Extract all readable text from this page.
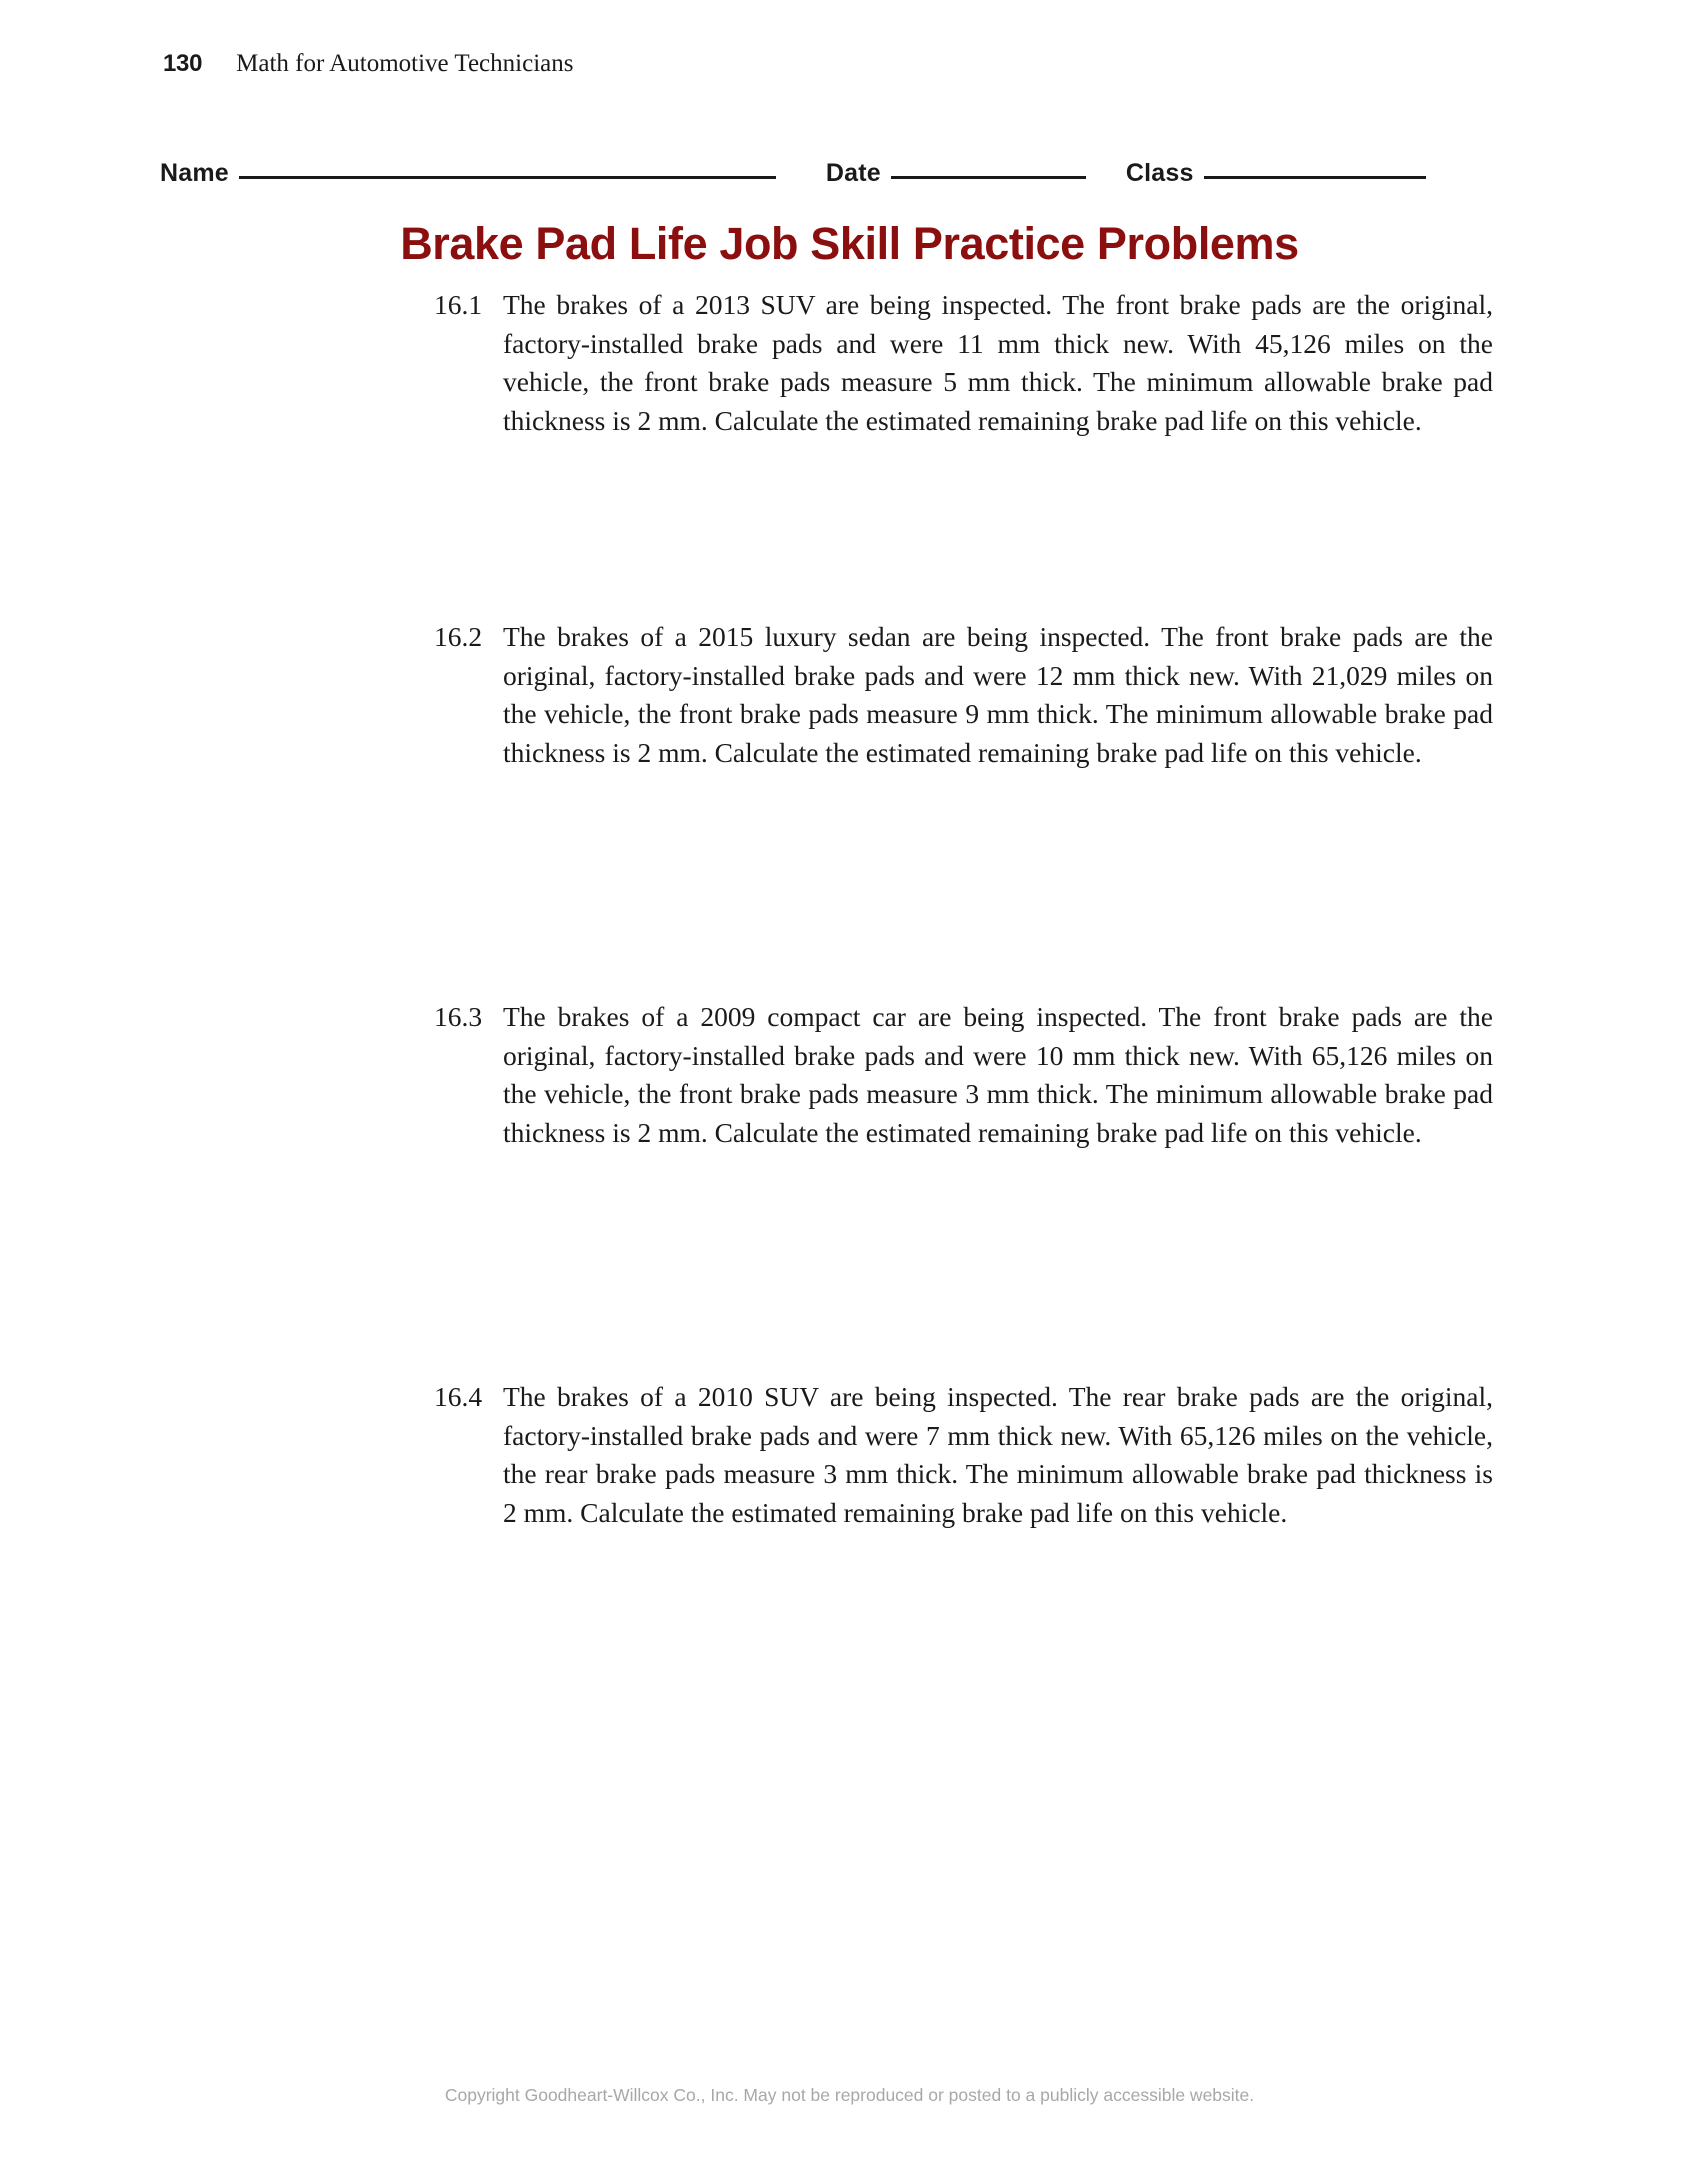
130 Math for Automotive Technicians
Name	Date	Class
Brake Pad Life Job Skill Practice Problems
16.1 The brakes of a 2013 SUV are being inspected. The front brake pads are the original, factory-installed brake pads and were 11 mm thick new. With 45,126 miles on the vehicle, the front brake pads measure 5 mm thick. The minimum allowable brake pad thickness is 2 mm. Calculate the estimated remaining brake pad life on this vehicle.
16.2 The brakes of a 2015 luxury sedan are being inspected. The front brake pads are the original, factory-installed brake pads and were 12 mm thick new. With 21,029 miles on the vehicle, the front brake pads measure 9 mm thick. The minimum allowable brake pad thickness is 2 mm. Calculate the estimated remaining brake pad life on this vehicle.
16.3 The brakes of a 2009 compact car are being inspected. The front brake pads are the original, factory-installed brake pads and were 10 mm thick new. With 65,126 miles on the vehicle, the front brake pads measure 3 mm thick. The minimum allowable brake pad thickness is 2 mm. Calculate the estimated remaining brake pad life on this vehicle.
16.4 The brakes of a 2010 SUV are being inspected. The rear brake pads are the original, factory-installed brake pads and were 7 mm thick new. With 65,126 miles on the vehicle, the rear brake pads measure 3 mm thick. The minimum allowable brake pad thickness is 2 mm. Calculate the estimated remaining brake pad life on this vehicle.
Copyright Goodheart-Willcox Co., Inc. May not be reproduced or posted to a publicly accessible website.
